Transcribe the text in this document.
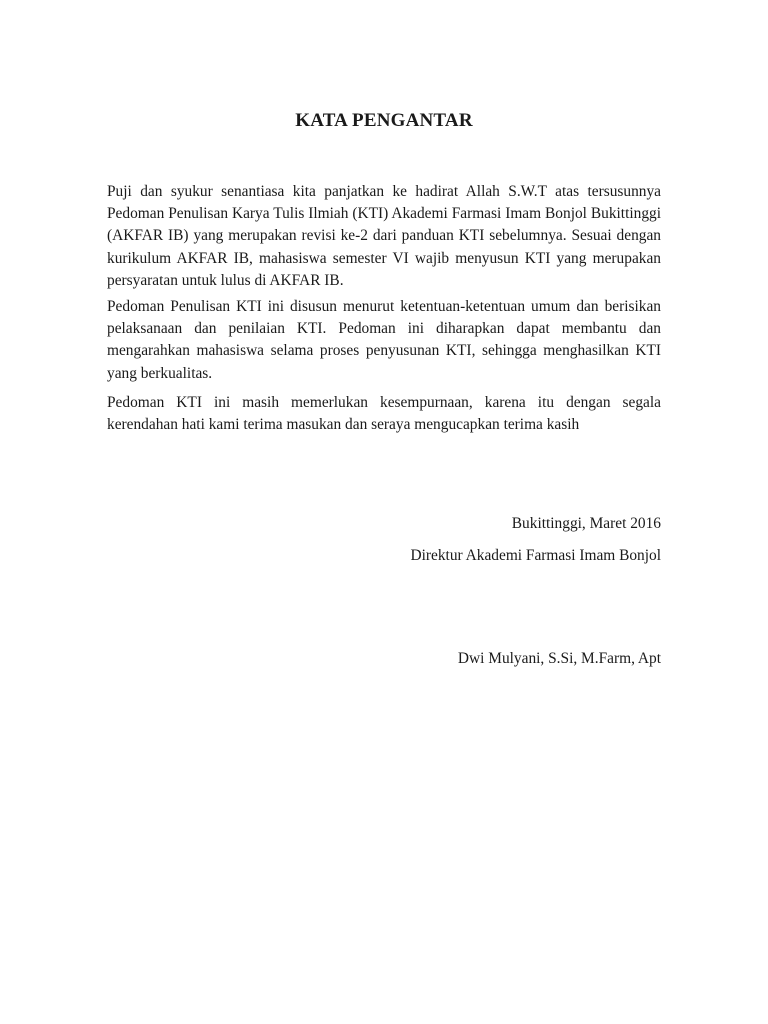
KATA PENGANTAR

Puji dan syukur senantiasa kita panjatkan ke hadirat Allah S.W.T atas tersusunnya Pedoman Penulisan Karya Tulis Ilmiah (KTI) Akademi Farmasi Imam Bonjol Bukittinggi (AKFAR IB) yang merupakan revisi ke-2 dari panduan KTI sebelumnya. Sesuai dengan kurikulum AKFAR IB, mahasiswa semester VI wajib menyusun KTI yang merupakan persyaratan untuk lulus di AKFAR IB.

Pedoman Penulisan KTI ini disusun menurut ketentuan-ketentuan umum dan berisikan pelaksanaan dan penilaian KTI. Pedoman ini diharapkan dapat membantu dan mengarahkan mahasiswa selama proses penyusunan KTI, sehingga menghasilkan KTI yang berkualitas.

Pedoman KTI ini masih memerlukan kesempurnaan, karena itu dengan segala kerendahan hati kami terima masukan dan seraya mengucapkan terima kasih

Bukittinggi, Maret 2016
Direktur Akademi Farmasi Imam Bonjol
Dwi Mulyani, S.Si, M.Farm, Apt
